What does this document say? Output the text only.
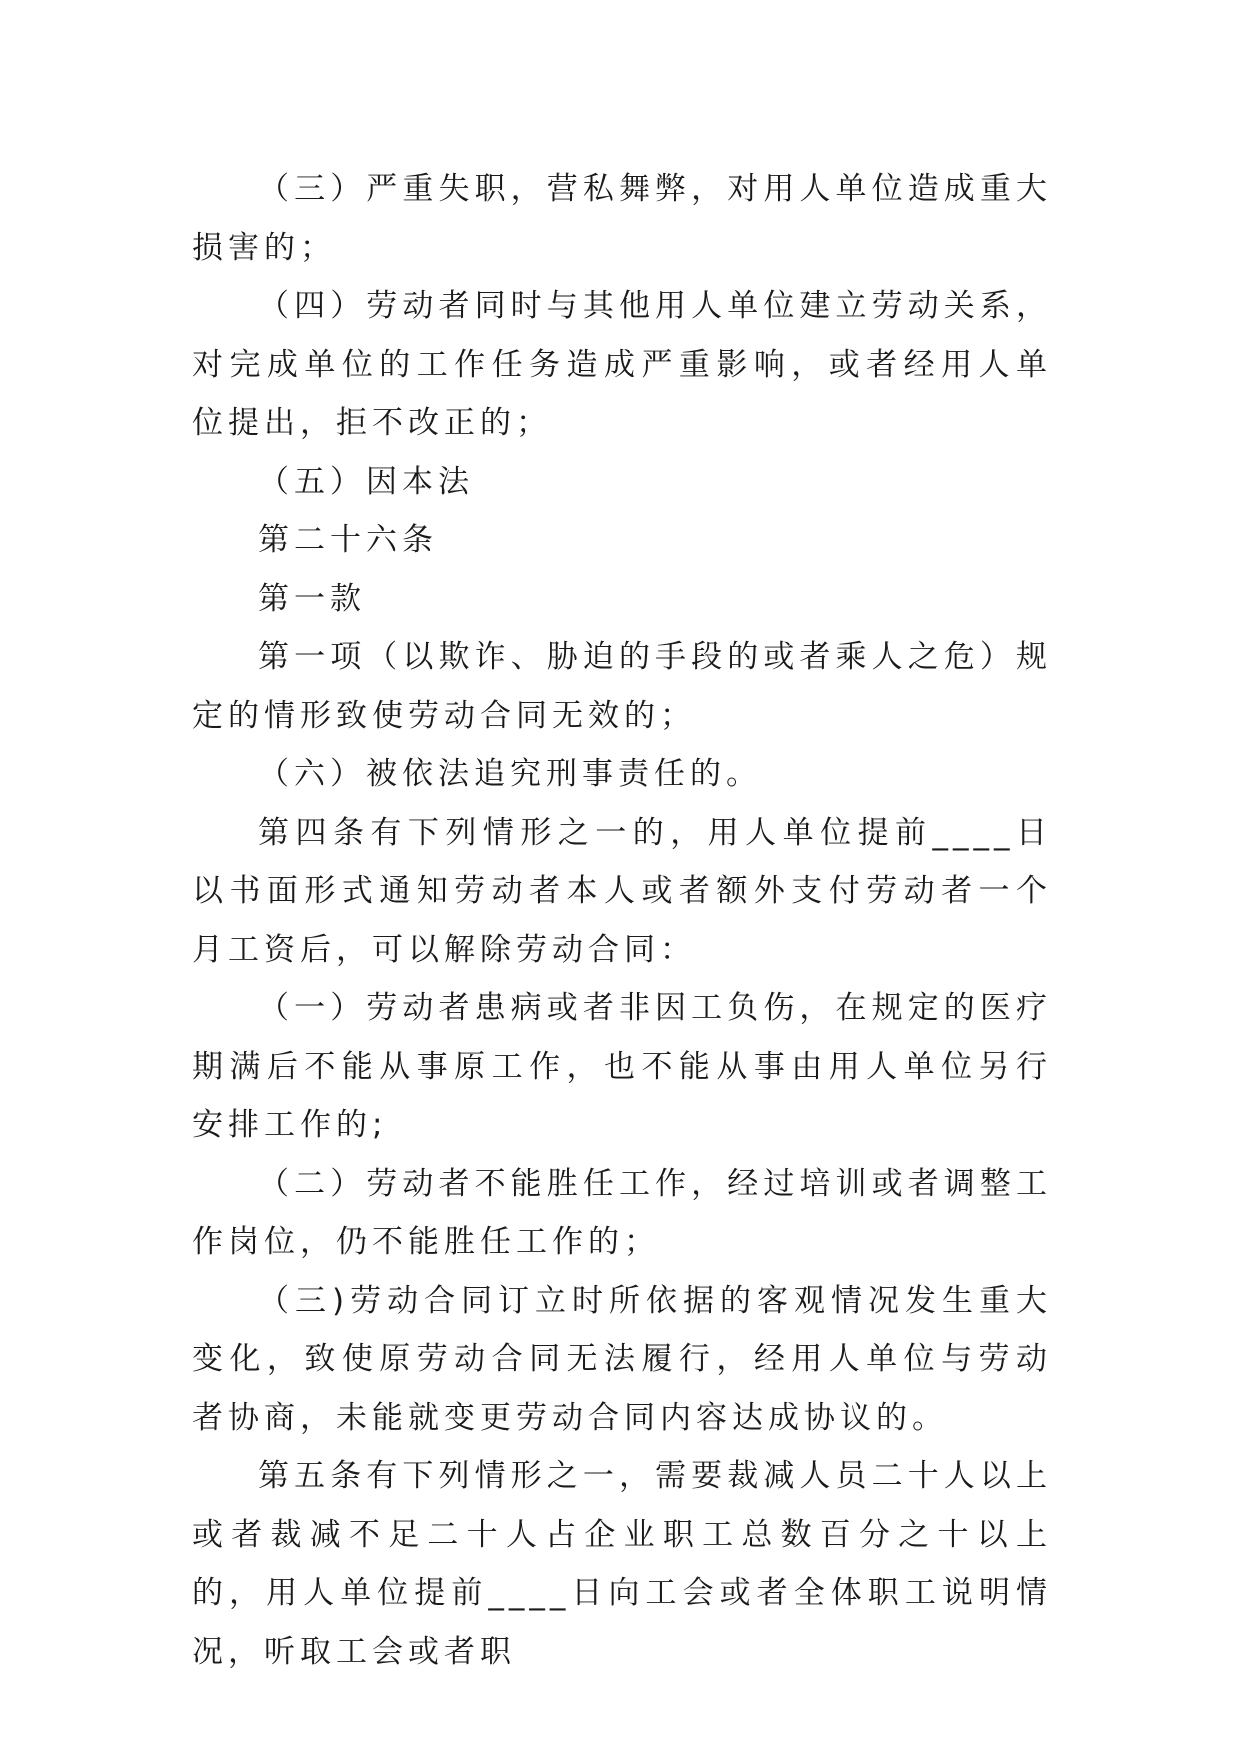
（三）严重失职，营私舞弊，对用人单位造成重大损害的；

（四）劳动者同时与其他用人单位建立劳动关系，对完成单位的工作任务造成严重影响，或者经用人单位提出，拒不改正的；

（五）因本法

第二十六条

第一款

第一项（以欺诈、胁迫的手段的或者乘人之危）规定的情形致使劳动合同无效的；

（六）被依法追究刑事责任的。

第四条有下列情形之一的，用人单位提前____日以书面形式通知劳动者本人或者额外支付劳动者一个月工资后，可以解除劳动合同：

（一）劳动者患病或者非因工负伤，在规定的医疗期满后不能从事原工作，也不能从事由用人单位另行安排工作的;

（二）劳动者不能胜任工作，经过培训或者调整工作岗位，仍不能胜任工作的；

（三)劳动合同订立时所依据的客观情况发生重大变化，致使原劳动合同无法履行，经用人单位与劳动者协商，未能就变更劳动合同内容达成协议的。

第五条有下列情形之一，需要裁减人员二十人以上或者裁减不足二十人占企业职工总数百分之十以上的，用人单位提前____日向工会或者全体职工说明情况，听取工会或者职
